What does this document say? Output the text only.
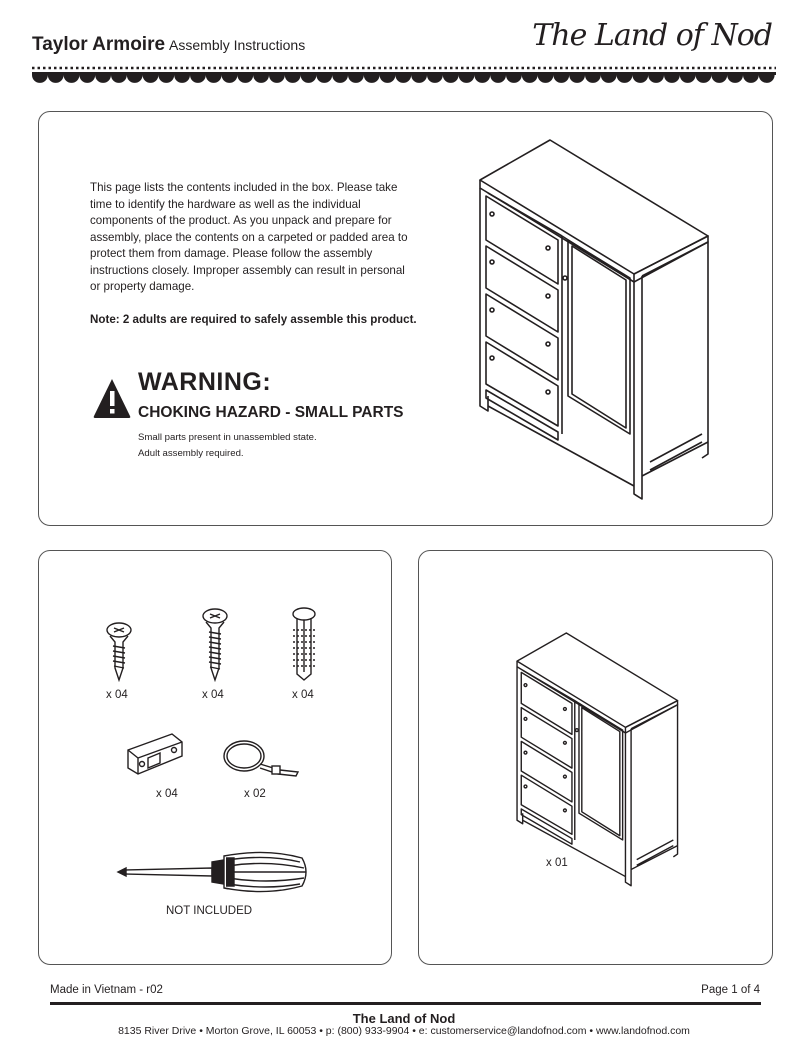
Taylor Armoire Assembly Instructions	The Land of Nod
This page lists the contents included in the box. Please take time to identify the hardware as well as the individual components of the product. As you unpack and prepare for assembly, place the contents on a carpeted or padded area to protect them from damage. Please follow the assembly instructions closely. Improper assembly can result in personal or property damage.
Note: 2 adults are required to safely assemble this product.
WARNING:
CHOKING HAZARD - SMALL PARTS
Small parts present in unassembled state.
Adult assembly required.
x 04	x 04	x 04
x 04	x 02
NOT INCLUDED
x 01
Made in Vietnam - r02	Page 1 of 4
The Land of Nod
8135 River Drive • Morton Grove, IL 60053 • p: (800) 933-9904 • e: customerservice@landofnod.com • www.landofnod.com
